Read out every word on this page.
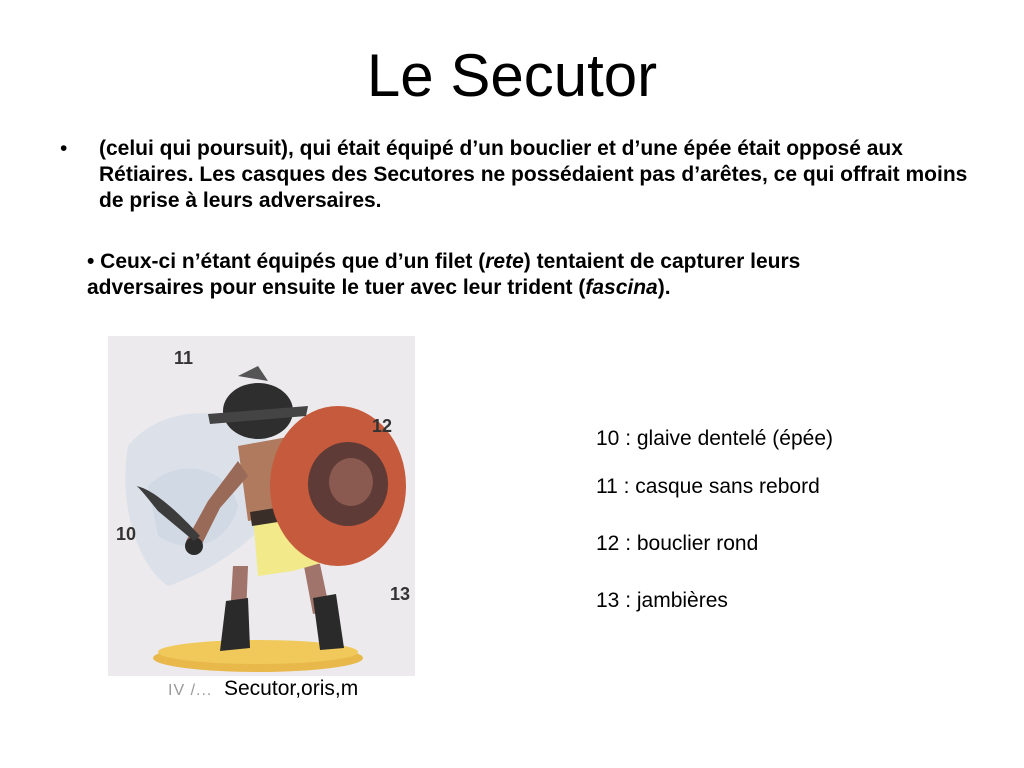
Le Secutor
• (celui qui poursuit), qui était équipé d’un bouclier et d’une épée était opposé aux Rétiaires. Les casques des Secutores ne possédaient pas d’arêtes, ce qui offrait moins de prise à leurs adversaires.
• Ceux-ci n’étant équipés que d’un filet (rete) tentaient de capturer leurs adversaires pour ensuite le tuer avec leur trident (fascina).
11
12
10
13
IV /... Secutor,oris,m
10 : glaive dentelé (épée)
11 : casque sans rebord
12 : bouclier rond
13 : jambières
